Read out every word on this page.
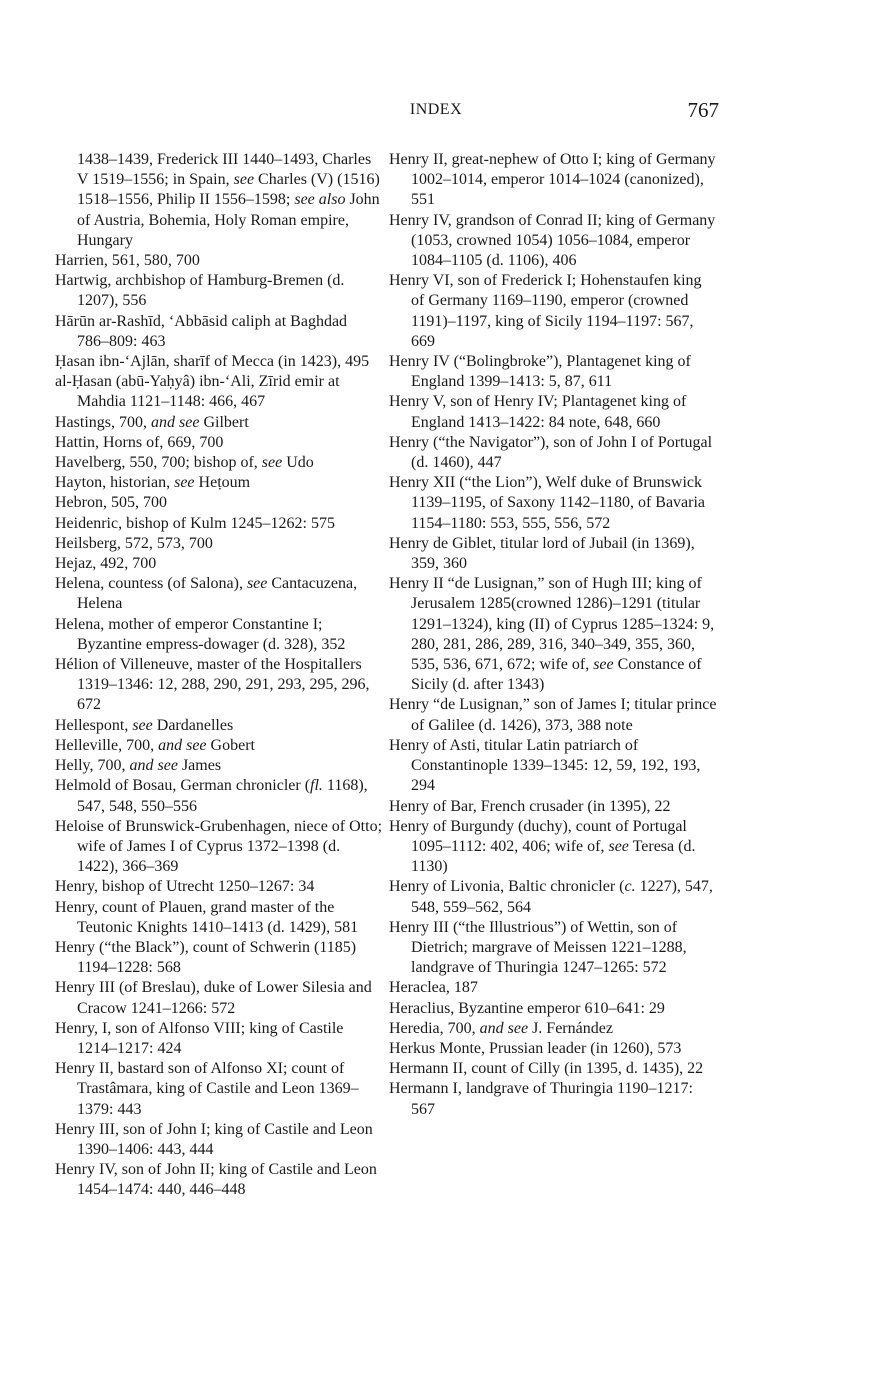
INDEX	767

1438–1439, Frederick III 1440–1493, Charles V 1519–1556; in Spain, see Charles (V) (1516) 1518–1556, Philip II 1556–1598; see also John of Austria, Bohemia, Holy Roman empire, Hungary

Harrien, 561, 580, 700

Hartwig, archbishop of Hamburg-Bremen (d. 1207), 556

Hārūn ar-Rashīd, ‘Abbāsid caliph at Baghdad 786–809: 463

Ḥasan ibn-‘Ajlān, sharīf of Mecca (in 1423), 495

al-Ḥasan (abū-Yaḥyâ) ibn-‘Ali, Zīrid emir at Mahdia 1121–1148: 466, 467

Hastings, 700, and see Gilbert

Hattin, Horns of, 669, 700

Havelberg, 550, 700; bishop of, see Udo

Hayton, historian, see Heṭoum

Hebron, 505, 700

Heidenric, bishop of Kulm 1245–1262: 575

Heilsberg, 572, 573, 700

Hejaz, 492, 700

Helena, countess (of Salona), see Cantacuzena, Helena

Helena, mother of emperor Constantine I; Byzantine empress-dowager (d. 328), 352

Hélion of Villeneuve, master of the Hospitallers 1319–1346: 12, 288, 290, 291, 293, 295, 296, 672

Hellespont, see Dardanelles

Helleville, 700, and see Gobert

Helly, 700, and see James

Helmold of Bosau, German chronicler (fl. 1168), 547, 548, 550–556

Heloise of Brunswick-Grubenhagen, niece of Otto; wife of James I of Cyprus 1372–1398 (d. 1422), 366–369

Henry, bishop of Utrecht 1250–1267: 34

Henry, count of Plauen, grand master of the Teutonic Knights 1410–1413 (d. 1429), 581

Henry (“the Black”), count of Schwerin (1185) 1194–1228: 568

Henry III (of Breslau), duke of Lower Silesia and Cracow 1241–1266: 572

Henry, I, son of Alfonso VIII; king of Castile 1214–1217: 424

Henry II, bastard son of Alfonso XI; count of Trastâmara, king of Castile and Leon 1369–1379: 443

Henry III, son of John I; king of Castile and Leon 1390–1406: 443, 444

Henry IV, son of John II; king of Castile and Leon 1454–1474: 440, 446–448

Henry II, great-nephew of Otto I; king of Germany 1002–1014, emperor 1014–1024 (canonized), 551

Henry IV, grandson of Conrad II; king of Germany (1053, crowned 1054) 1056–1084, emperor 1084–1105 (d. 1106), 406

Henry VI, son of Frederick I; Hohenstaufen king of Germany 1169–1190, emperor (crowned 1191)–1197, king of Sicily 1194–1197: 567, 669

Henry IV (“Bolingbroke”), Plantagenet king of England 1399–1413: 5, 87, 611

Henry V, son of Henry IV; Plantagenet king of England 1413–1422: 84 note, 648, 660

Henry (“the Navigator”), son of John I of Portugal (d. 1460), 447

Henry XII (“the Lion”), Welf duke of Brunswick 1139–1195, of Saxony 1142–1180, of Bavaria 1154–1180: 553, 555, 556, 572

Henry de Giblet, titular lord of Jubail (in 1369), 359, 360

Henry II “de Lusignan,” son of Hugh III; king of Jerusalem 1285(crowned 1286)–1291 (titular 1291–1324), king (II) of Cyprus 1285–1324: 9, 280, 281, 286, 289, 316, 340–349, 355, 360, 535, 536, 671, 672; wife of, see Constance of Sicily (d. after 1343)

Henry “de Lusignan,” son of James I; titular prince of Galilee (d. 1426), 373, 388 note

Henry of Asti, titular Latin patriarch of Constantinople 1339–1345: 12, 59, 192, 193, 294

Henry of Bar, French crusader (in 1395), 22

Henry of Burgundy (duchy), count of Portugal 1095–1112: 402, 406; wife of, see Teresa (d. 1130)

Henry of Livonia, Baltic chronicler (c. 1227), 547, 548, 559–562, 564

Henry III (“the Illustrious”) of Wettin, son of Dietrich; margrave of Meissen 1221–1288, landgrave of Thuringia 1247–1265: 572

Heraclea, 187

Heraclius, Byzantine emperor 610–641: 29

Heredia, 700, and see J. Fernández

Herkus Monte, Prussian leader (in 1260), 573

Hermann II, count of Cilly (in 1395, d. 1435), 22

Hermann I, landgrave of Thuringia 1190–1217: 567
